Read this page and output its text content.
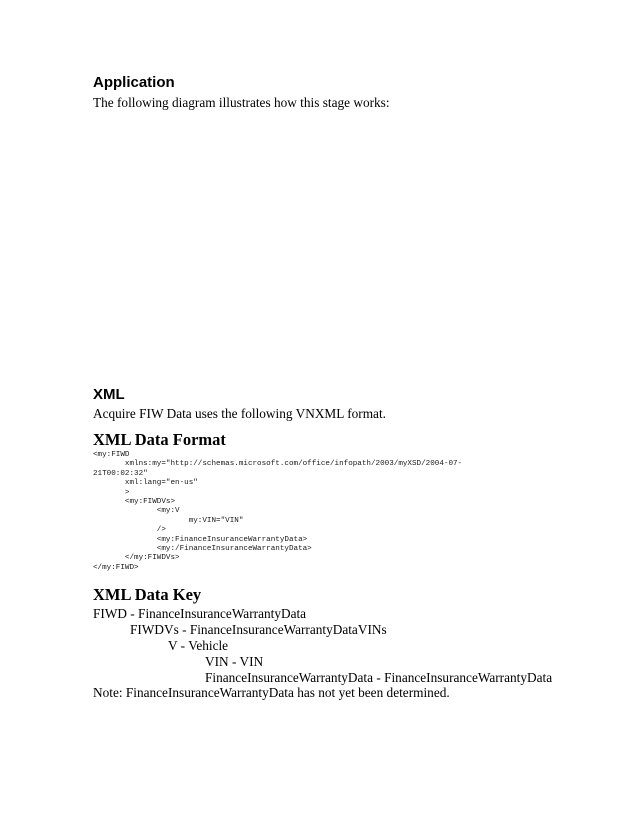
Application

The following diagram illustrates how this stage works:

XML

Acquire FIW Data uses the following VNXML format.

XML Data Format
<my:FIWD
xmlns:my="http://schemas.microsoft.com/office/infopath/2003/myXSD/2004-07-
21T00:02:32"
xml:lang="en-us"
>
<my:FIWDVs>
<my:V
my:VIN="VIN"
/>
<my:FinanceInsuranceWarrantyData>
<my:/FinanceInsuranceWarrantyData>
</my:FIWDVs>
</my:FIWD>
XML Data Key
FIWD - FinanceInsuranceWarrantyData
FIWDVs - FinanceInsuranceWarrantyDataVINs
V - Vehicle
VIN - VIN
FinanceInsuranceWarrantyData - FinanceInsuranceWarrantyData
Note: FinanceInsuranceWarrantyData has not yet been determined.
